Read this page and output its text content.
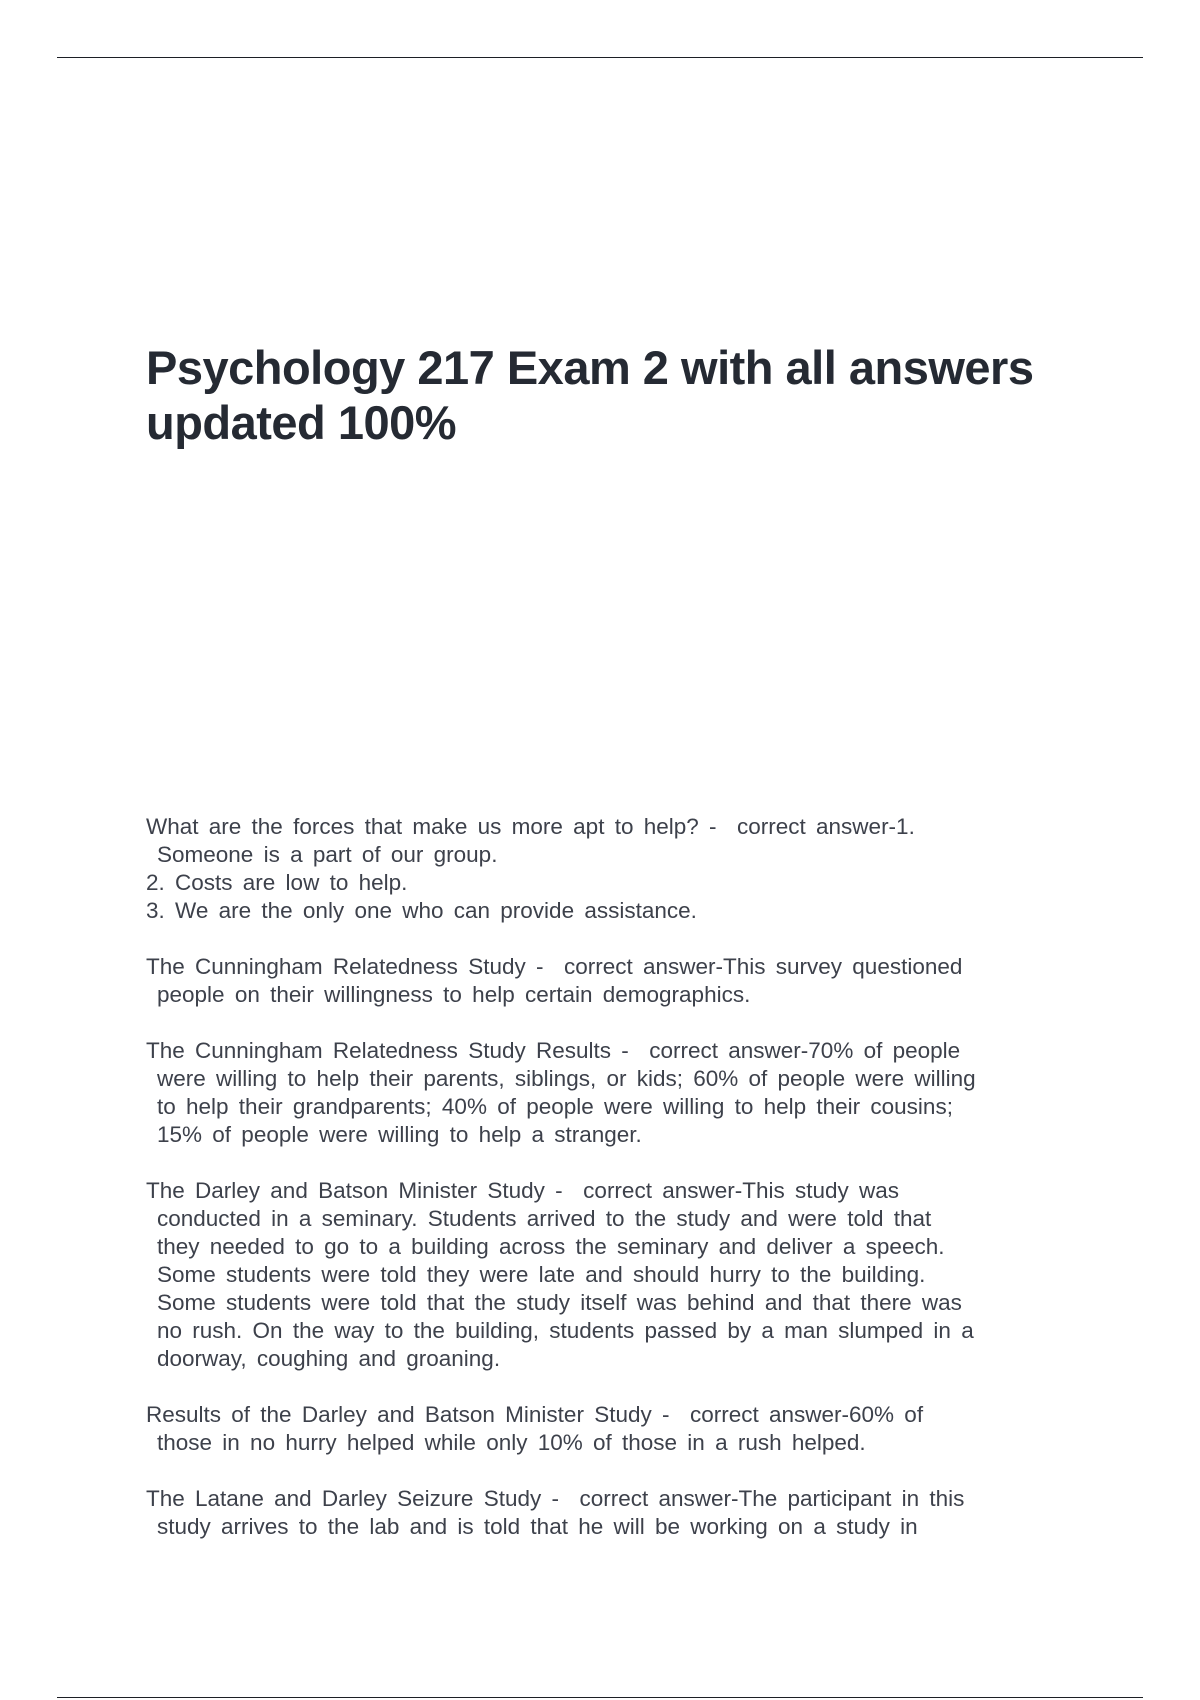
Psychology 217 Exam 2 with all answers
updated 100%

What are the forces that make us more apt to help? -  correct answer-1.
Someone is a part of our group.
2. Costs are low to help.
3. We are the only one who can provide assistance.

The Cunningham Relatedness Study -  correct answer-This survey questioned
people on their willingness to help certain demographics.

The Cunningham Relatedness Study Results -  correct answer-70% of people
were willing to help their parents, siblings, or kids; 60% of people were willing
to help their grandparents; 40% of people were willing to help their cousins;
15% of people were willing to help a stranger.

The Darley and Batson Minister Study -  correct answer-This study was
conducted in a seminary. Students arrived to the study and were told that
they needed to go to a building across the seminary and deliver a speech.
Some students were told they were late and should hurry to the building.
Some students were told that the study itself was behind and that there was
no rush. On the way to the building, students passed by a man slumped in a
doorway, coughing and groaning.

Results of the Darley and Batson Minister Study -  correct answer-60% of
those in no hurry helped while only 10% of those in a rush helped.

The Latane and Darley Seizure Study -  correct answer-The participant in this
study arrives to the lab and is told that he will be working on a study in
